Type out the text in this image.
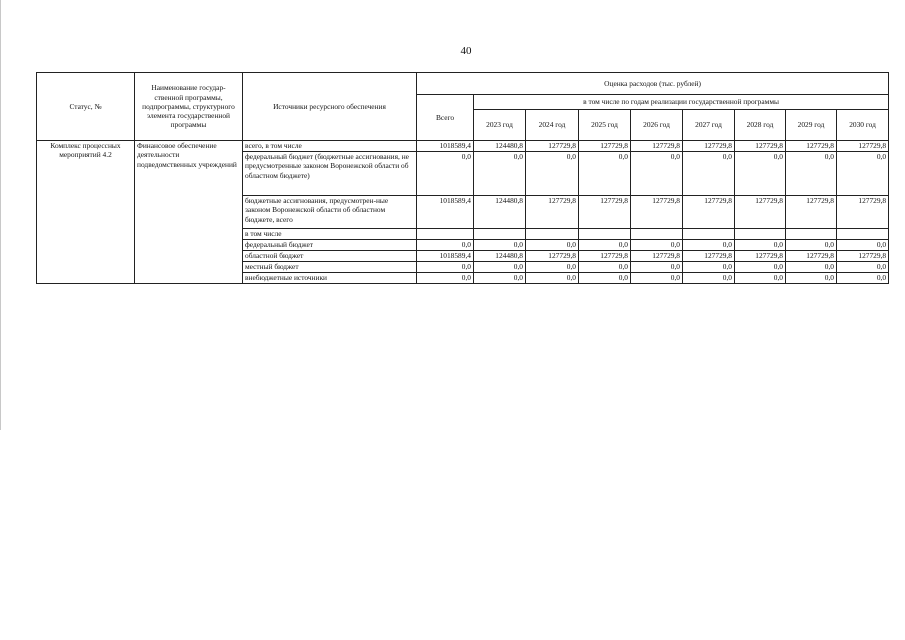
40
Статус, №	Наименование государ-ственной программы, подпрограммы, структурного элемента государственной программы	Источники ресурсного обеспечения	Оценка расходов (тыс. рублей)								
			Всего	в том числе по годам реализации государственной программы							
				2023 год	2024 год	2025 год	2026 год	2027 год	2028 год	2029 год	2030 год
Комплекс процессных мероприятий 4.2	Финансовое обеспечение деятельности подведомственных учреждений	всего, в том числе	1018589,4	124480,8	127729,8	127729,8	127729,8	127729,8	127729,8	127729,8	127729,8
		федеральный бюджет (бюджетные ассигнования, не предусмотренные законом Воронежской области об областном бюджете)	0,0	0,0	0,0	0,0	0,0	0,0	0,0	0,0	0,0
		бюджетные ассигнования, предусмотрен-ные законом Воронежской области об областном бюджете, всего	1018589,4	124480,8	127729,8	127729,8	127729,8	127729,8	127729,8	127729,8	127729,8
		в том числе									
		федеральный бюджет	0,0	0,0	0,0	0,0	0,0	0,0	0,0	0,0	0,0
		областной бюджет	1018589,4	124480,8	127729,8	127729,8	127729,8	127729,8	127729,8	127729,8	127729,8
		местный бюджет	0,0	0,0	0,0	0,0	0,0	0,0	0,0	0,0	0,0
		внебюджетные источники	0,0	0,0	0,0	0,0	0,0	0,0	0,0	0,0	0,0
